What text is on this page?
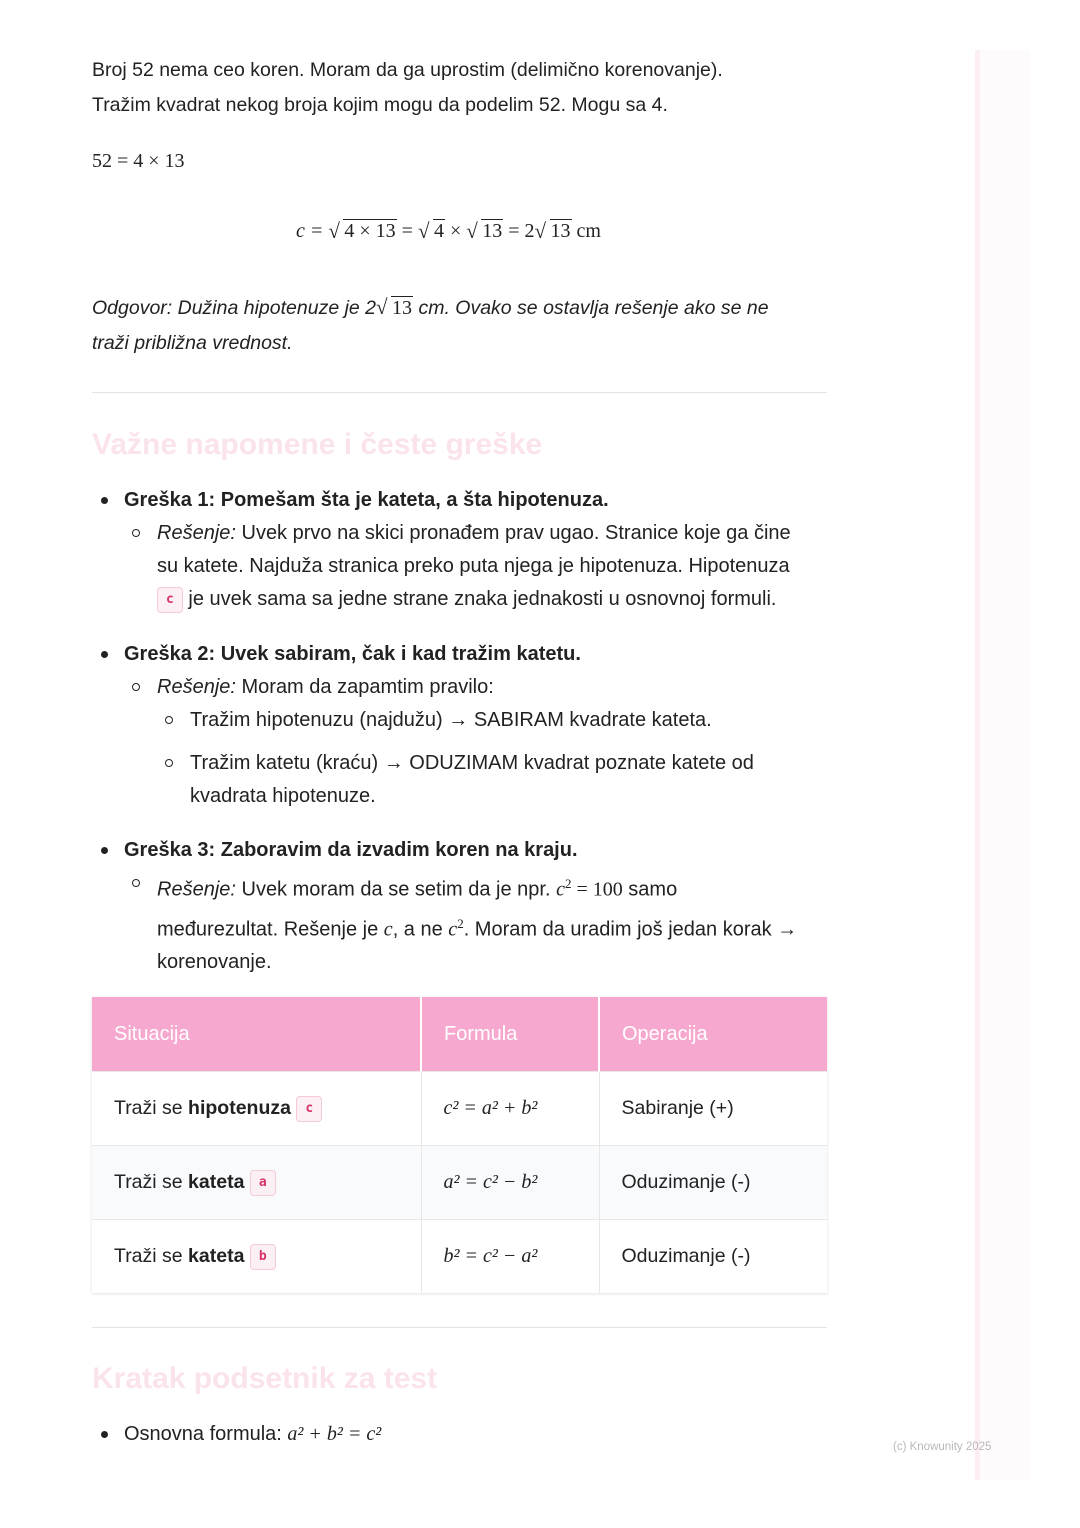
Broj 52 nema ceo koren. Moram da ga uprostim (delimično korenovanje).

Tražim kvadrat nekog broja kojim mogu da podelim 52. Mogu sa 4.

52 = 4 × 13
c = √ 4 × 13 = √ 4 × √ 13 = 2 √ 13 cm

Odgovor: Dužina hipotenuze je 2 √ 13 cm. Ovako se ostavlja rešenje ako se ne

traži približna vrednost.

Važne napomene i česte greške
Greška 1: Pomešam šta je kateta, a šta hipotenuza.
Rešenje: Uvek prvo na skici pronađem prav ugao. Stranice koje ga čine
su katete. Najduža stranica preko puta njega je hipotenuza. Hipotenuza
c je uvek sama sa jedne strane znaka jednakosti u osnovnoj formuli.
Greška 2: Uvek sabiram, čak i kad tražim katetu.
Rešenje: Moram da zapamtim pravilo:
Tražim hipotenuzu (najdužu) → SABIRAM kvadrate kateta.
Tražim katetu (kraću) → ODUZIMAM kvadrat poznate katete od
kvadrata hipotenuze.
Greška 3: Zaboravim da izvadim koren na kraju.
Rešenje: Uvek moram da se setim da je npr. $c^2 = 100$ samo
međurezultat. Rešenje je c, a ne $c^2$. Moram da uradim još jedan korak →
korenovanje.
Situacija	Formula	Operacija
Traži se hipotenuza c	c² = a² + b²	Sabiranje (+)
Traži se kateta a	a² = c² − b²	Oduzimanje (-)
Traži se kateta b	b² = c² − a²	Oduzimanje (-)
Kratak podsetnik za test
Osnovna formula: a² + b² = c²
(c) Knowunity 2025
